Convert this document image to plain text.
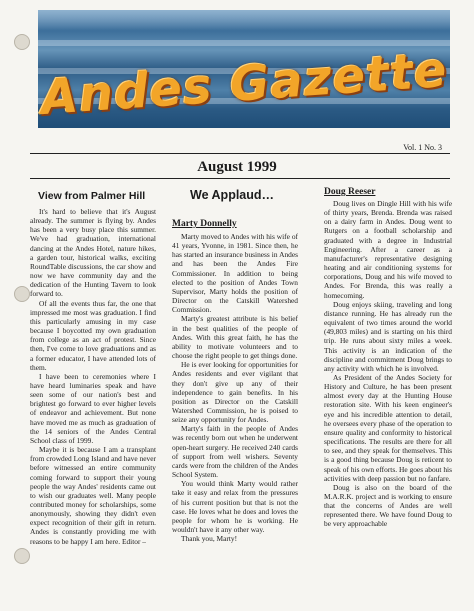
Andes Gazette
Vol. 1 No. 3
August 1999
View from Palmer Hill

It's hard to believe that it's August already. The summer is flying by. Andes has been a very busy place this summer. We've had graduation, international dancing at the Andes Hotel, nature hikes, a garden tour, historical walks, exciting RoundTable discussions, the car show and now we have community day and the dedication of the Hunting Tavern to look forward to.

Of all the events thus far, the one that impressed me most was graduation. I find this particularly amusing in my case because I boycotted my own graduation from college as an act of protest. Since then, I've come to love graduations and as a former educator, I have attended lots of them.

I have been to ceremonies where I have heard luminaries speak and have seen some of our nation's best and brightest go forward to ever higher levels of endeavor and achievement. But none have moved me as much as graduation of the 14 seniors of the Andes Central School class of 1999.

Maybe it is because I am a transplant from crowded Long Island and have never before witnessed an entire community coming forward to support their young people the way Andes' residents came out to wish our graduates well. Many people contributed money for scholarships, some anonymously, showing they didn't even expect recognition of their gift in return. Andes is constantly providing me with reasons to be happy I am here. Editor –

We Applaud…
Marty Donnelly

Marty moved to Andes with his wife of 41 years, Yvonne, in 1981. Since then, he has started an insurance business in Andes and has been the Andes Fire Commissioner. In addition to being elected to the position of Andes Town Supervisor, Marty holds the position of Director on the Catskill Watershed Commission.

Marty's greatest attribute is his belief in the best qualities of the people of Andes. With this great faith, he has the ability to motivate volunteers and to choose the right people to get things done.

He is ever looking for opportunities for Andes residents and ever vigilant that they don't give up any of their independence to gain benefits. In his position as Director on the Catskill Watershed Commission, he is poised to seize any opportunity for Andes.

Marty's faith in the people of Andes was recently born out when he underwent open-heart surgery. He received 240 cards of support from well wishers. Seventy cards were from the children of the Andes School System.

You would think Marty would rather take it easy and relax from the pressures of his current position but that is not the case. He loves what he does and loves the people for whom he is working. He wouldn't have it any other way.

Thank you, Marty!

Doug Reeser

Doug lives on Dingle Hill with his wife of thirty years, Brenda. Brenda was raised on a dairy farm in Andes. Doug went to Rutgers on a football scholarship and graduated with a degree in Industrial Engineering. After a career as a manufacturer's representative designing heating and air conditioning systems for corporations, Doug and his wife moved to Andes. For Brenda, this was really a homecoming.

Doug enjoys skiing, traveling and long distance running. He has already run the equivalent of two times around the world (49,803 miles) and is starting on his third trip. He runs about sixty miles a week. This activity is an indication of the discipline and commitment Doug brings to any activity with which he is involved.

As President of the Andes Society for History and Culture, he has been present almost every day at the Hunting House restoration site. With his keen engineer's eye and his incredible attention to detail, he oversees every phase of the operation to ensure quality and conformity to historical specifications. The results are there for all to see, and they speak for themselves. This is a good thing because Doug is reticent to speak of his own efforts. He goes about his activities with deep passion but no fanfare.

Doug is also on the board of the M.A.R.K. project and is working to ensure that the concerns of Andes are well represented there. We have found Doug to be very approachable
